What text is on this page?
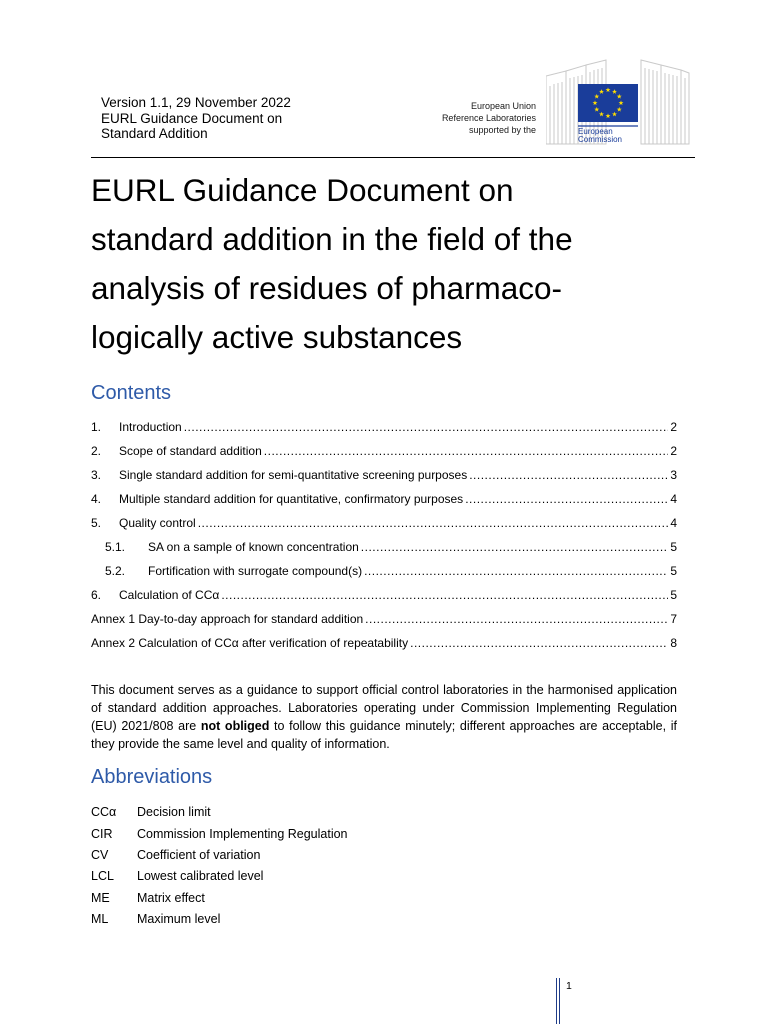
Version 1.1, 29 November 2022
EURL Guidance Document on
Standard Addition
European Union
Reference Laboratories
supported by the	European
Commission
EURL Guidance Document on
standard addition in the field of the
analysis of residues of pharmaco-
logically active substances
Contents
1.	Introduction .....	2
2.	Scope of standard addition .....	2
3.	Single standard addition for semi-quantitative screening purposes .....	3
4.	Multiple standard addition for quantitative, confirmatory purposes .....	4
5.	Quality control .....	4
5.1.	SA on a sample of known concentration .....	5
5.2.	Fortification with surrogate compound(s) .....	5
6.	Calculation of CCα .....	5
Annex 1 Day-to-day approach for standard addition .....	7
Annex 2 Calculation of CCα after verification of repeatability .....	8

This document serves as a guidance to support official control laboratories in the harmonised application of standard addition approaches. Laboratories operating under Commission Implementing Regulation (EU) 2021/808 are not obliged to follow this guidance minutely; different approaches are acceptable, if they provide the same level and quality of information.

Abbreviations
CCα Decision limit
CIR Commission Implementing Regulation
CV Coefficient of variation
LCL Lowest calibrated level
ME Matrix effect
ML Maximum level
1
